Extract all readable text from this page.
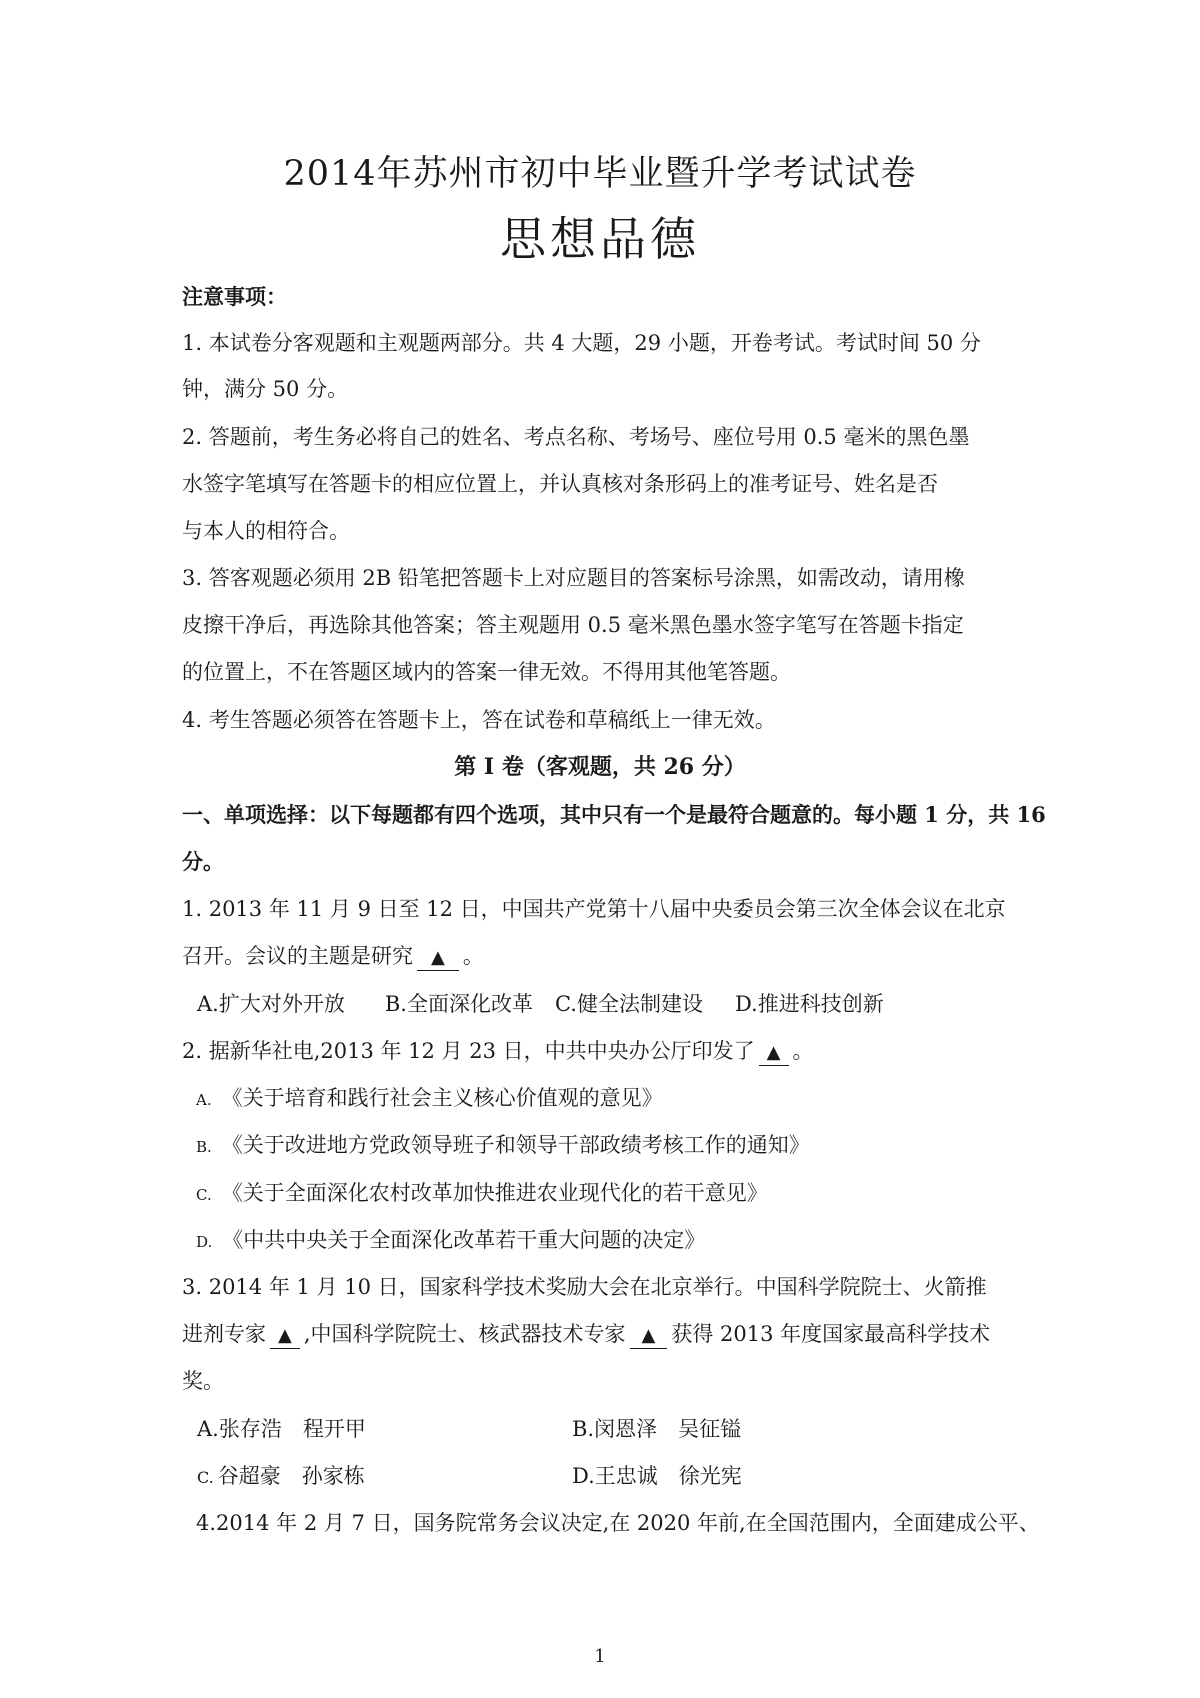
2014年苏州市初中毕业暨升学考试试卷
思想品德
注意事项：
1. 本试卷分客观题和主观题两部分。共 4 大题，29 小题，开卷考试。考试时间 50 分
钟，满分 50 分。
2. 答题前，考生务必将自己的姓名、考点名称、考场号、座位号用 0.5 毫米的黑色墨
水签字笔填写在答题卡的相应位置上，并认真核对条形码上的准考证号、姓名是否
与本人的相符合。
3. 答客观题必须用 2B 铅笔把答题卡上对应题目的答案标号涂黑，如需改动，请用橡
皮擦干净后，再选除其他答案；答主观题用 0.5 毫米黑色墨水签字笔写在答题卡指定
的位置上，不在答题区域内的答案一律无效。不得用其他笔答题。
4. 考生答题必须答在答题卡上，答在试卷和草稿纸上一律无效。
第 Ⅰ 卷（客观题，共 26 分）
一、单项选择：以下每题都有四个选项，其中只有一个是最符合题意的。每小题 1 分，共 16
分。
1. 2013 年 11 月 9 日至 12 日，中国共产党第十八届中央委员会第三次全体会议在北京
召开。会议的主题是研究 ▲ 。
A.扩大对外开放 B.全面深化改革 C.健全法制建设 D.推进科技创新
2. 据新华社电,2013 年 12 月 23 日，中共中央办公厅印发了 ▲ 。
A. 《关于培育和践行社会主义核心价值观的意见》
B. 《关于改进地方党政领导班子和领导干部政绩考核工作的通知》
C. 《关于全面深化农村改革加快推进农业现代化的若干意见》
D. 《中共中央关于全面深化改革若干重大问题的决定》
3. 2014 年 1 月 10 日，国家科学技术奖励大会在北京举行。中国科学院院士、火箭推
进剂专家 ▲ ,中国科学院院士、核武器技术专家 ▲ 获得 2013 年度国家最高科学技术
奖。
A.张存浩　程开甲	B.闵恩泽　吴征镒
C. 谷超豪　孙家栋	D.王忠诚　徐光宪
4.2014 年 2 月 7 日，国务院常务会议决定,在 2020 年前,在全国范围内，全面建成公平、
1
